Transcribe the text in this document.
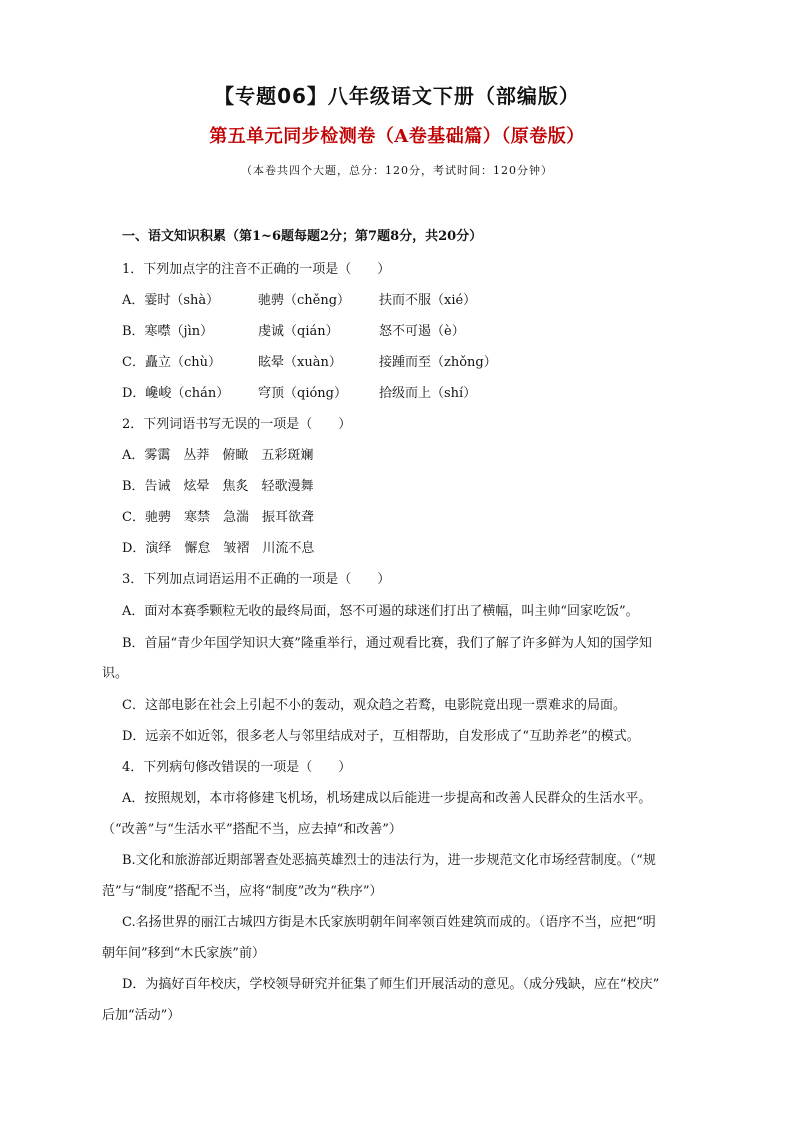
【专题06】八年级语文下册（部编版）
第五单元同步检测卷（A卷基础篇）（原卷版）
（本卷共四个大题，总分：120分，考试时间：120分钟）
一、语文知识积累（第1~6题每题2分；第7题8分，共20分）
1．下列加点字的注音不正确的一项是（　　）
A．霎时（shà）	驰骋（chěng） 扶而不服（xié）
B．寒噤（jìn）	虔诚（qián）	怒不可遏（è）
C．矗立（chù）	眩晕（xuàn）	接踵而至（zhǒng）
D．巉峻（chán） 穹顶（qióng） 拾级而上（shí）
2．下列词语书写无误的一项是（　　）
A．雾霭　丛莽　俯瞰　五彩斑斓
B．告诫　炫晕　焦炙　轻歌漫舞
C．驰骋　寒禁　急湍　振耳欲聋
D．演绎　懈怠　皱褶　川流不息
3．下列加点词语运用不正确的一项是（　　）
A．面对本赛季颗粒无收的最终局面，怒不可遏的球迷们打出了横幅，叫主帅“回家吃饭”。
B．首届“青少年国学知识大赛”隆重举行，通过观看比赛，我们了解了许多鲜为人知的国学知
识。
C．这部电影在社会上引起不小的轰动，观众趋之若鹜，电影院竟出现一票难求的局面。
D．远亲不如近邻，很多老人与邻里结成对子，互相帮助，自发形成了“互助养老”的模式。
4．下列病句修改错误的一项是（　　）
A．按照规划，本市将修建飞机场，机场建成以后能进一步提高和改善人民群众的生活水平。
（“改善”与“生活水平”搭配不当，应去掉“和改善”）
B.文化和旅游部近期部署查处恶搞英雄烈士的违法行为，进一步规范文化市场经营制度。（“规
范”与“制度”搭配不当，应将“制度”改为“秩序”）
C.名扬世界的丽江古城四方街是木氏家族明朝年间率领百姓建筑而成的。（语序不当，应把“明
朝年间”移到“木氏家族”前）
D．为搞好百年校庆，学校领导研究并征集了师生们开展活动的意见。（成分残缺，应在“校庆”
后加“活动”）
